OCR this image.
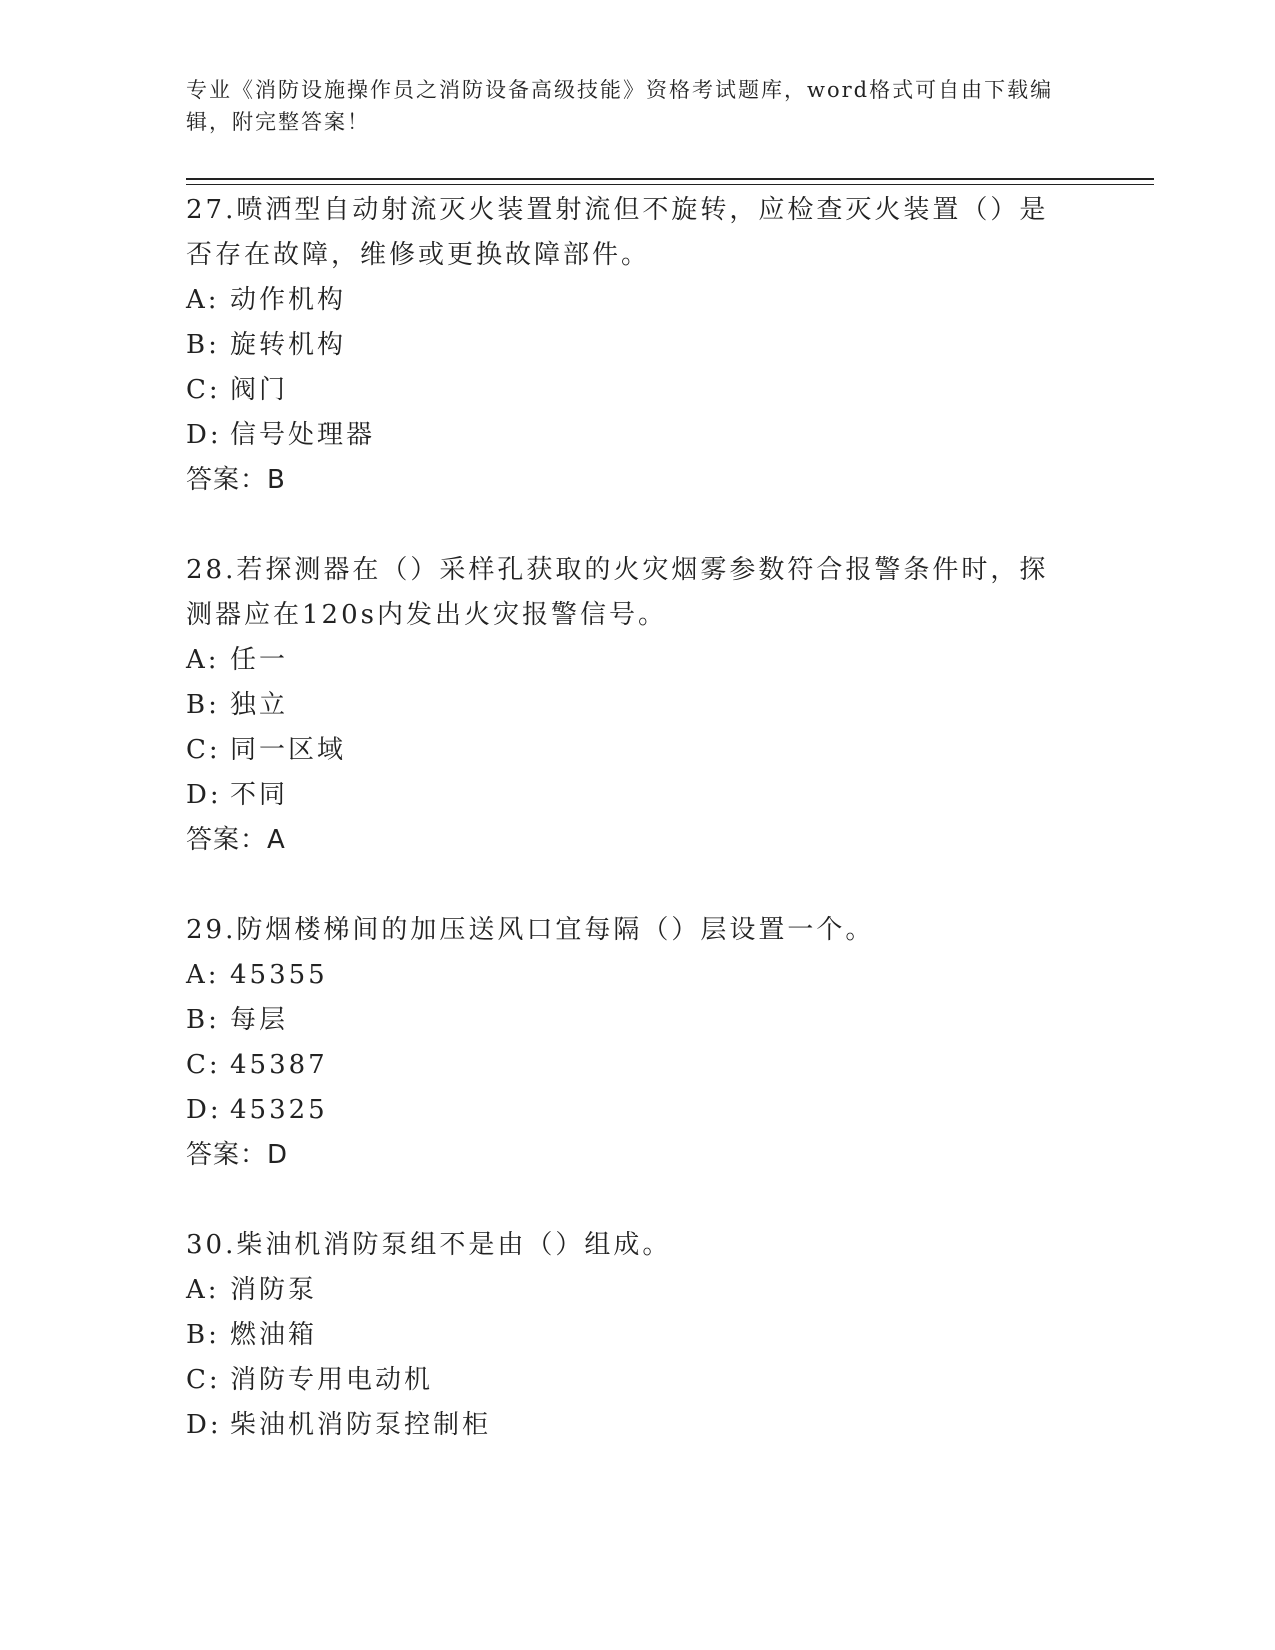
专业《消防设施操作员之消防设备高级技能》资格考试题库，word格式可自由下载编辑，附完整答案！

27.喷洒型自动射流灭火装置射流但不旋转，应检查灭火装置（）是否存在故障，维修或更换故障部件。

A: 动作机构

B: 旋转机构

C: 阀门

D: 信号处理器

答案：B

28.若探测器在（）采样孔获取的火灾烟雾参数符合报警条件时，探测器应在120s内发出火灾报警信号。

A: 任一

B: 独立

C: 同一区域

D: 不同

答案：A

29.防烟楼梯间的加压送风口宜每隔（）层设置一个。

A: 45355

B: 每层

C: 45387

D: 45325

答案：D

30.柴油机消防泵组不是由（）组成。

A: 消防泵

B: 燃油箱

C: 消防专用电动机

D: 柴油机消防泵控制柜
